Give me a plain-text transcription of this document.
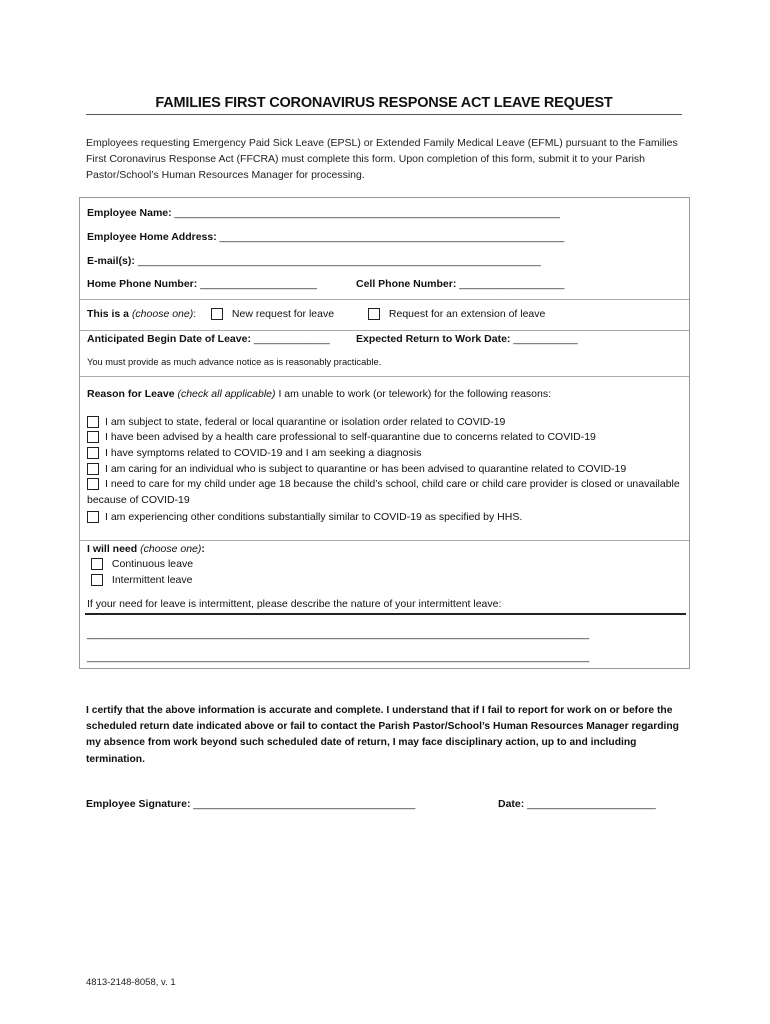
FAMILIES FIRST CORONAVIRUS RESPONSE ACT LEAVE REQUEST
Employees requesting Emergency Paid Sick Leave (EPSL) or Extended Family Medical Leave (EFML) pursuant to the Families First Coronavirus Response Act (FFCRA) must complete this form. Upon completion of this form, submit it to your Parish Pastor/School’s Human Resources Manager for processing.
Employee Name: __________________________________________________________________
Employee Home Address: ___________________________________________________________
E-mail(s): _____________________________________________________________________
Home Phone Number: ____________________	Cell Phone Number: __________________
This is a (choose one):	New request for leave	Request for an extension of leave
Anticipated Begin Date of Leave: _____________ Expected Return to Work Date: ___________
You must provide as much advance notice as is reasonably practicable.
Reason for Leave (check all applicable) I am unable to work (or telework) for the following reasons:
I am subject to state, federal or local quarantine or isolation order related to COVID-19
I have been advised by a health care professional to self-quarantine due to concerns related to COVID-19
I have symptoms related to COVID-19 and I am seeking a diagnosis
I am caring for an individual who is subject to quarantine or has been advised to quarantine related to COVID-19
I need to care for my child under age 18 because the child’s school, child care or child care provider is closed or unavailable because of COVID-19
I am experiencing other conditions substantially similar to COVID-19 as specified by HHS.
I will need (choose one):
Continuous leave
Intermittent leave
If your need for leave is intermittent, please describe the nature of your intermittent leave:
______________________________________________________________________________________
______________________________________________________________________________________
I certify that the above information is accurate and complete. I understand that if I fail to report for work on or before the scheduled return date indicated above or fail to contact the Parish Pastor/School’s Human Resources Manager regarding my absence from work beyond such scheduled date of return, I may face disciplinary action, up to and including termination.
Employee Signature: ______________________________________	Date: ______________________
4813-2148-8058, v. 1
